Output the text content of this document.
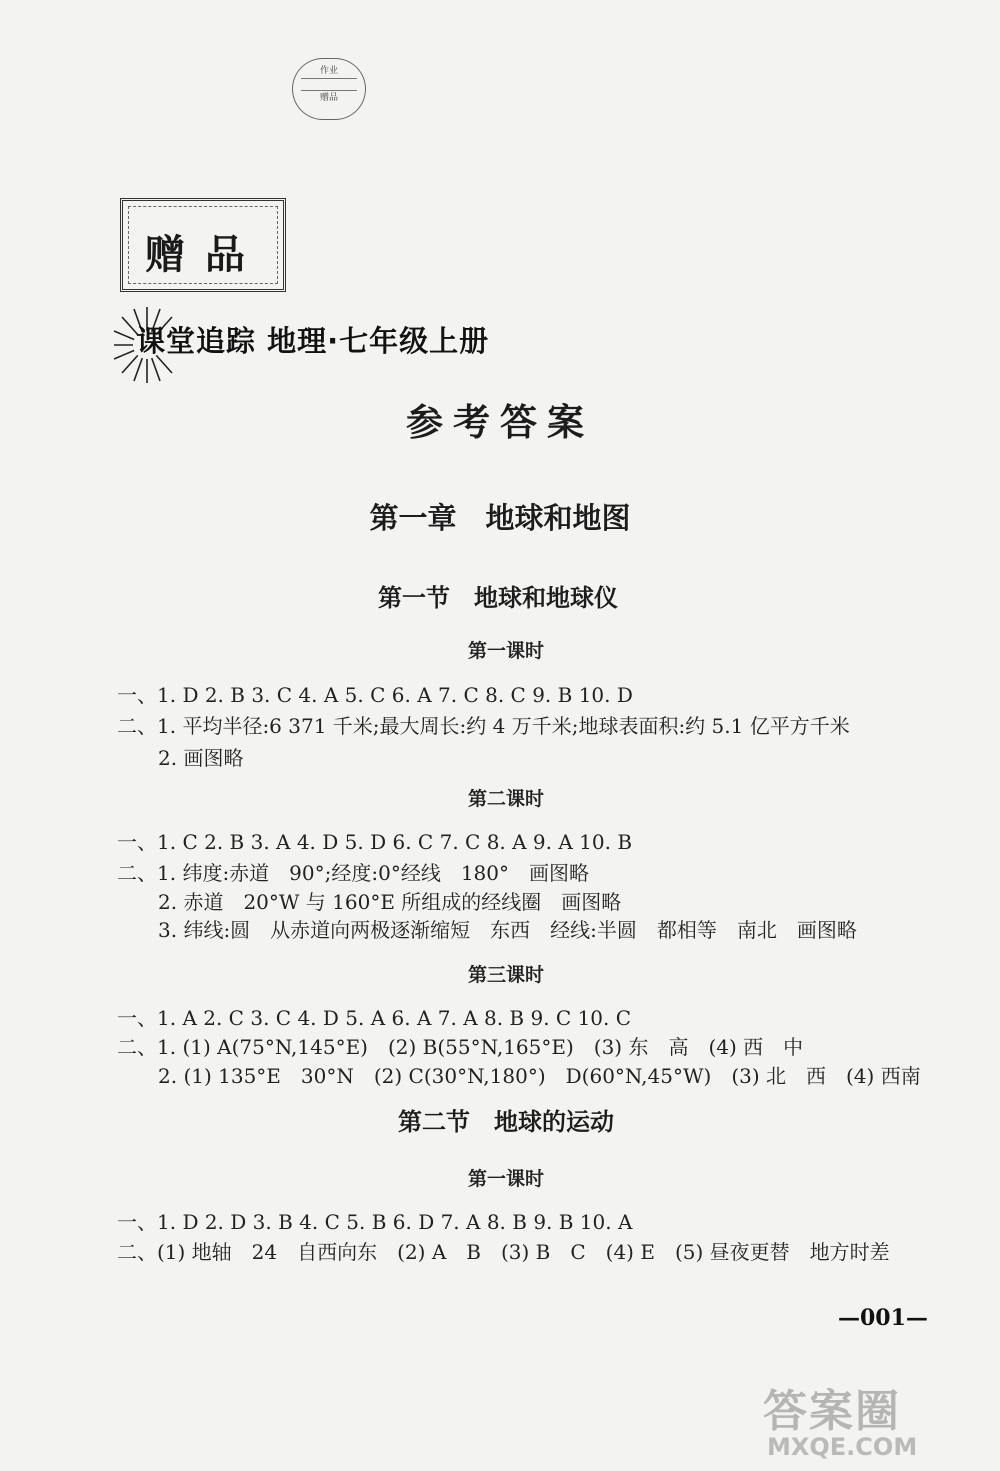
作业

赠品
赠品
课堂追踪 地理·七年级上册
参考答案
第一章　地球和地图
第一节　地球和地球仪
第一课时
一、1. D 2. B 3. C 4. A 5. C 6. A 7. C 8. C 9. B 10. D
二、1. 平均半径:6 371 千米;最大周长:约 4 万千米;地球表面积:约 5.1 亿平方千米
2. 画图略
第二课时
一、1. C 2. B 3. A 4. D 5. D 6. C 7. C 8. A 9. A 10. B
二、1. 纬度:赤道　90°;经度:0°经线　180°　画图略
2. 赤道　20°W 与 160°E 所组成的经线圈　画图略
3. 纬线:圆　从赤道向两极逐渐缩短　东西　经线:半圆　都相等　南北　画图略
第三课时
一、1. A 2. C 3. C 4. D 5. A 6. A 7. A 8. B 9. C 10. C
二、1. (1) A(75°N,145°E)　(2) B(55°N,165°E)　(3) 东　高　(4) 西　中
2. (1) 135°E　30°N　(2) C(30°N,180°)　D(60°N,45°W)　(3) 北　西　(4) 西南
第二节　地球的运动
第一课时
一、1. D 2. D 3. B 4. C 5. B 6. D 7. A 8. B 9. B 10. A
二、(1) 地轴　24　自西向东　(2) A　B　(3) B　C　(4) E　(5) 昼夜更替　地方时差
—001—
答案圈
MXQE.COM
